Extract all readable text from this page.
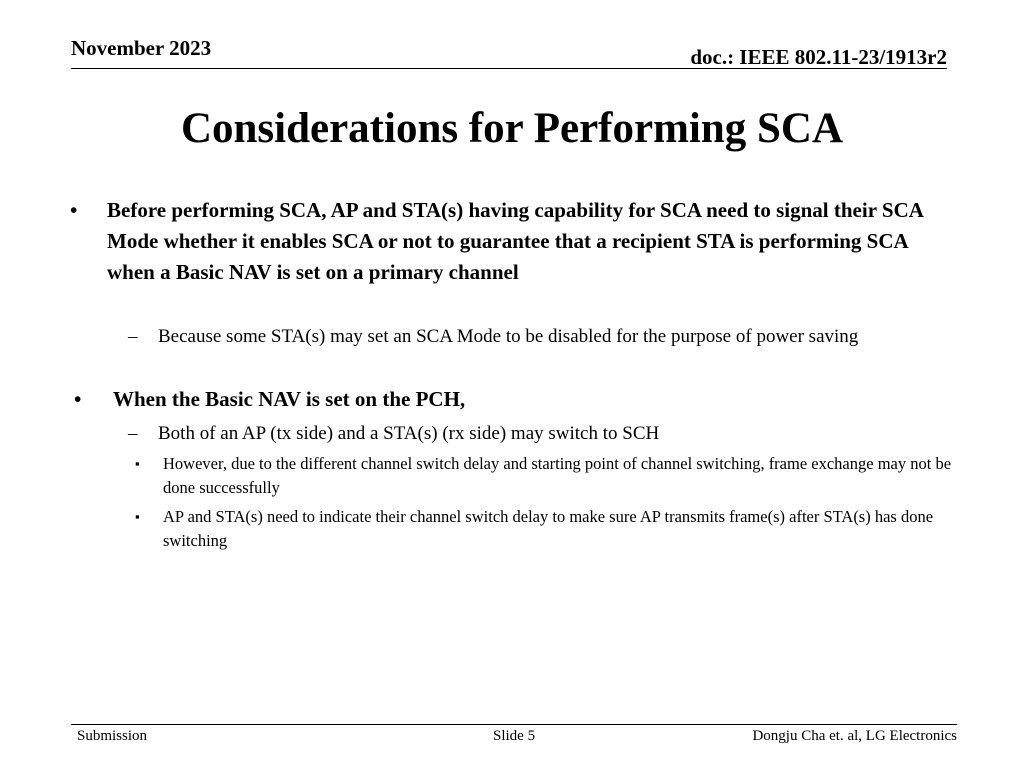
November 2023	doc.: IEEE 802.11-23/1913r2
Considerations for Performing SCA
• Before performing SCA, AP and STA(s) having capability for SCA need to signal their SCA Mode whether it enables SCA or not to guarantee that a recipient STA is performing SCA when a Basic NAV is set on a primary channel
– Because some STA(s) may set an SCA Mode to be disabled for the purpose of power saving
• When the Basic NAV is set on the PCH,
– Both of an AP (tx side) and a STA(s) (rx side) may switch to SCH
▪ However, due to the different channel switch delay and starting point of channel switching, frame exchange may not be done successfully
▪ AP and STA(s) need to indicate their channel switch delay to make sure AP transmits frame(s) after STA(s) has done switching
Submission	Slide 5	Dongju Cha et. al, LG Electronics
